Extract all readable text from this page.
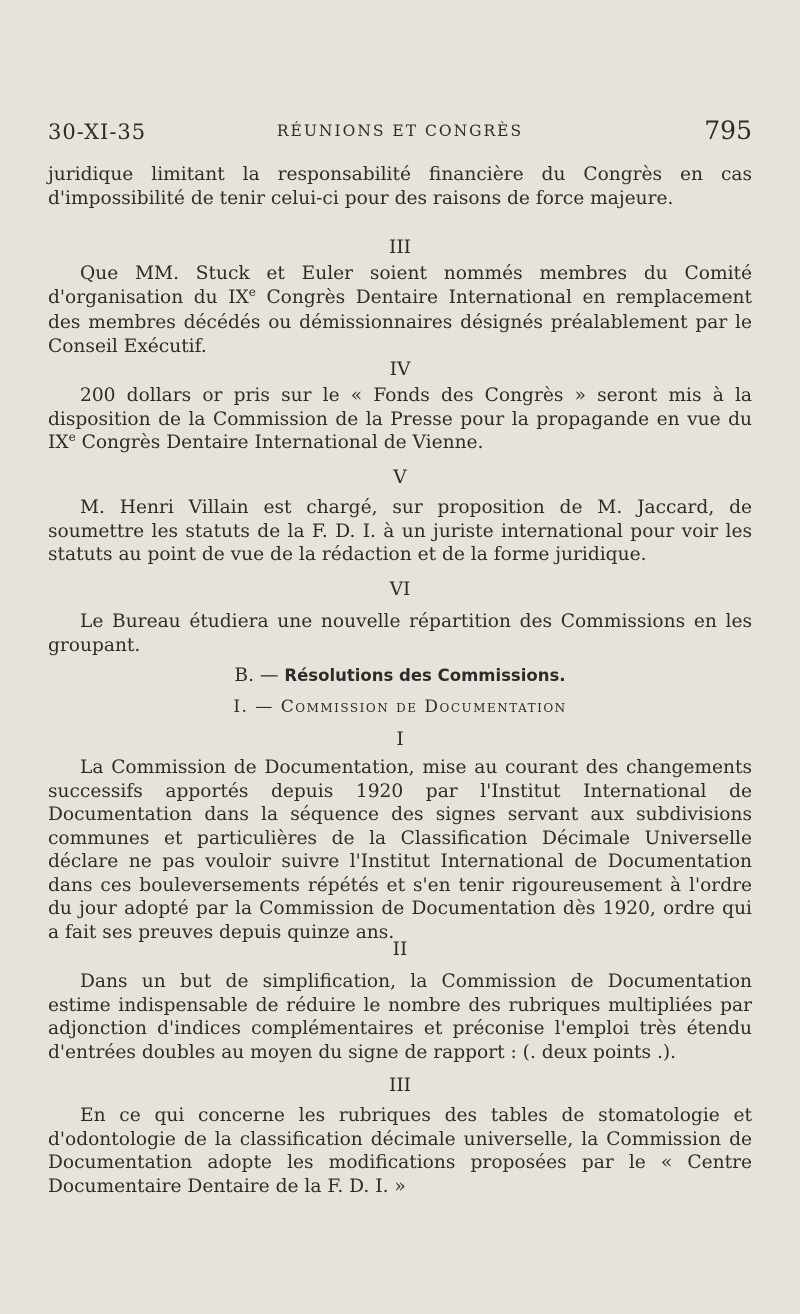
30-XI-35	RÉUNIONS ET CONGRÈS	795

juridique limitant la responsabilité financière du Congrès en cas d'impossibilité de tenir celui-ci pour des raisons de force majeure.

III

Que MM. Stuck et Euler soient nommés membres du Comité d'organisation du IXe Congrès Dentaire International en remplacement des membres décédés ou démissionnaires désignés préalablement par le Conseil Exécutif.

IV

200 dollars or pris sur le « Fonds des Congrès » seront mis à la disposition de la Commission de la Presse pour la propagande en vue du IXe Congrès Dentaire International de Vienne.

V

M. Henri Villain est chargé, sur proposition de M. Jaccard, de soumettre les statuts de la F. D. I. à un juriste international pour voir les statuts au point de vue de la rédaction et de la forme juridique.

VI

Le Bureau étudiera une nouvelle répartition des Commissions en les groupant.

B. — Résolutions des Commissions.

I. — Commission de Documentation

I

La Commission de Documentation, mise au courant des changements successifs apportés depuis 1920 par l'Institut International de Documentation dans la séquence des signes servant aux subdivisions communes et particulières de la Classification Décimale Universelle déclare ne pas vouloir suivre l'Institut International de Documentation dans ces bouleversements répétés et s'en tenir rigoureusement à l'ordre du jour adopté par la Commission de Documentation dès 1920, ordre qui a fait ses preuves depuis quinze ans.

II

Dans un but de simplification, la Commission de Documentation estime indispensable de réduire le nombre des rubriques multipliées par adjonction d'indices complémentaires et préconise l'emploi très étendu d'entrées doubles au moyen du signe de rapport : (. deux points .).

III

En ce qui concerne les rubriques des tables de stomatologie et d'odontologie de la classification décimale universelle, la Commission de Documentation adopte les modifications proposées par le « Centre Documentaire Dentaire de la F. D. I. »
